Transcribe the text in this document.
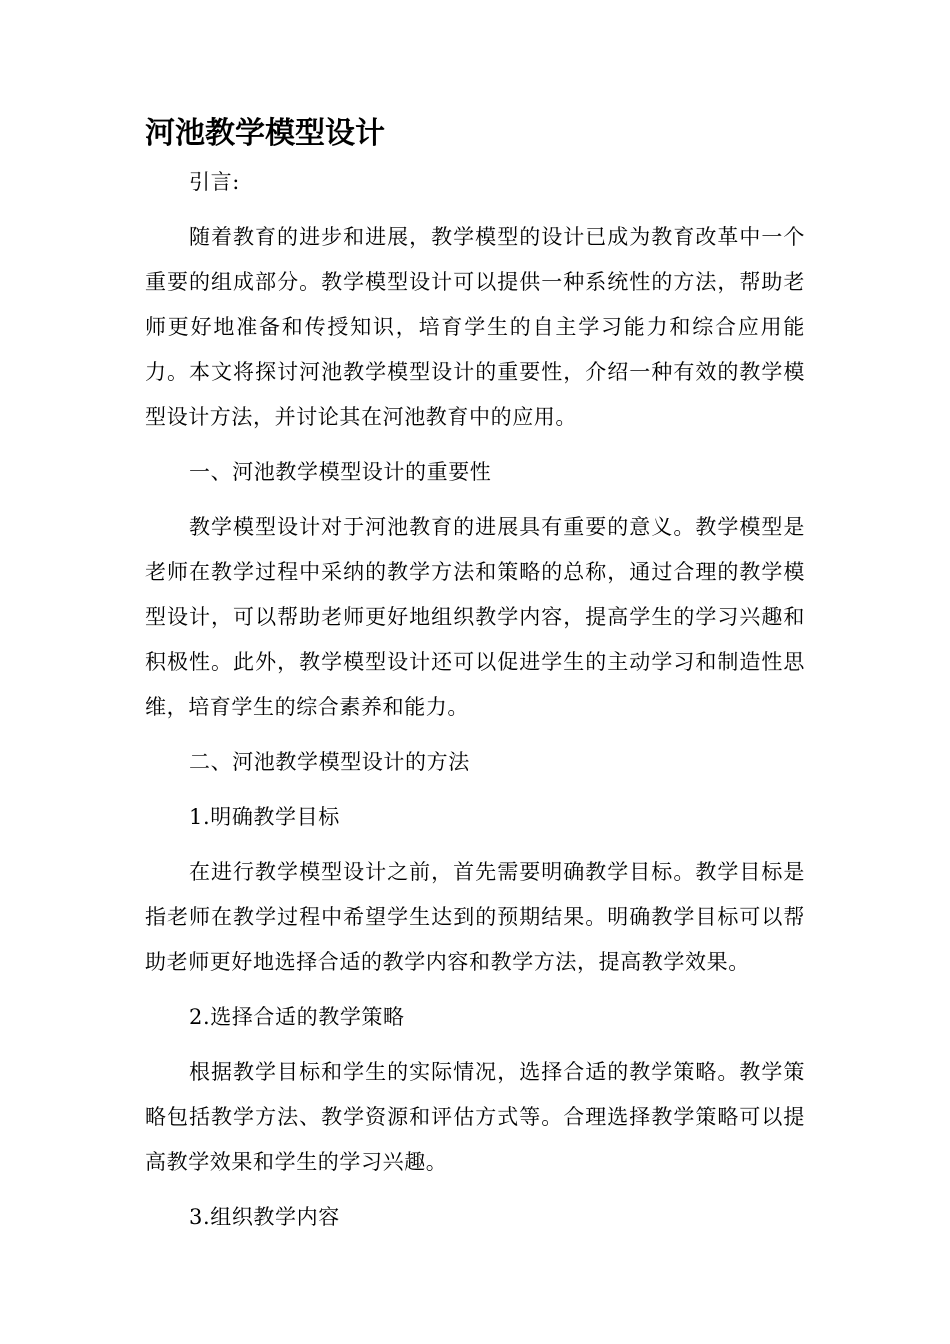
河池教学模型设计

引言:

随着教育的进步和进展，教学模型的设计已成为教育改革中一个重要的组成部分。教学模型设计可以提供一种系统性的方法，帮助老师更好地准备和传授知识，培育学生的自主学习能力和综合应用能力。本文将探讨河池教学模型设计的重要性，介绍一种有效的教学模型设计方法，并讨论其在河池教育中的应用。

一、河池教学模型设计的重要性

教学模型设计对于河池教育的进展具有重要的意义。教学模型是老师在教学过程中采纳的教学方法和策略的总称，通过合理的教学模型设计，可以帮助老师更好地组织教学内容，提高学生的学习兴趣和积极性。此外，教学模型设计还可以促进学生的主动学习和制造性思维，培育学生的综合素养和能力。

二、河池教学模型设计的方法

1.明确教学目标

在进行教学模型设计之前，首先需要明确教学目标。教学目标是指老师在教学过程中希望学生达到的预期结果。明确教学目标可以帮助老师更好地选择合适的教学内容和教学方法，提高教学效果。

2.选择合适的教学策略

根据教学目标和学生的实际情况，选择合适的教学策略。教学策略包括教学方法、教学资源和评估方式等。合理选择教学策略可以提高教学效果和学生的学习兴趣。

3.组织教学内容
